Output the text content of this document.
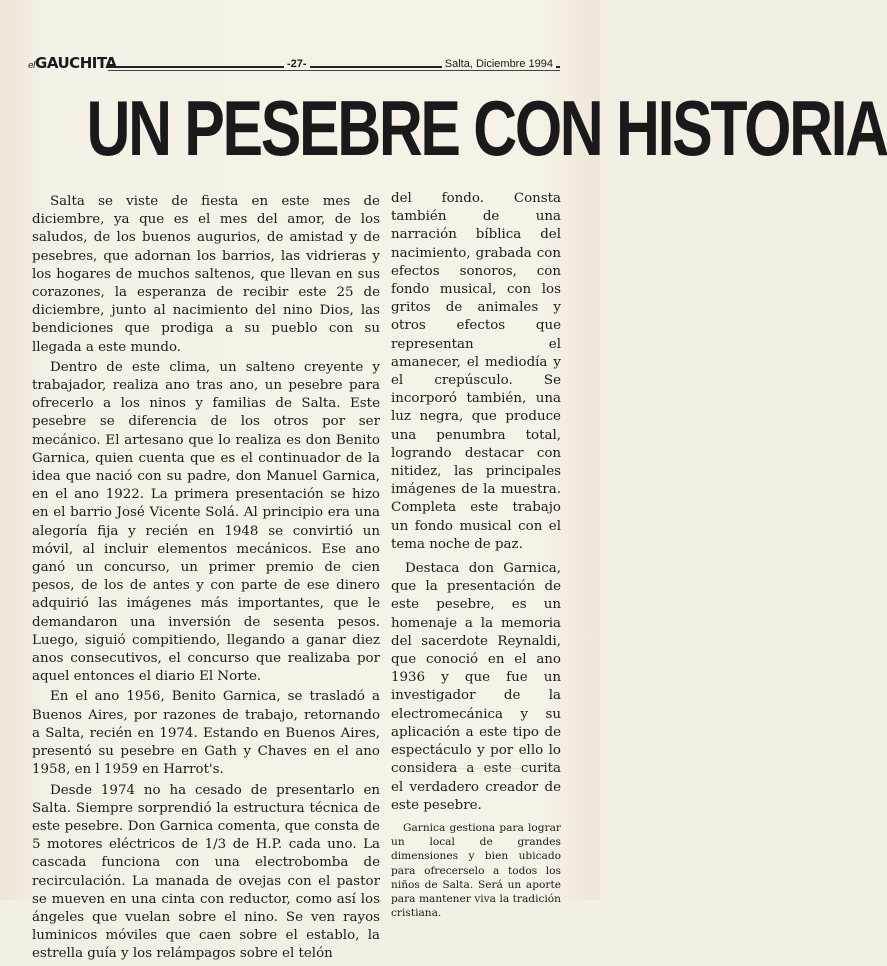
elGAUCHITA	-27-	Salta, Diciembre 1994
UN PESEBRE CON HISTORIA

Salta se viste de fiesta en este mes de diciembre, ya que es el mes del amor, de los saludos, de los buenos augurios, de amistad y de pesebres, que adornan los barrios, las vidrieras y los hogares de muchos saltenos, que llevan en sus corazones, la esperanza de recibir este 25 de diciembre, junto al nacimiento del nino Dios, las bendiciones que prodiga a su pueblo con su llegada a este mundo.

Dentro de este clima, un salteno creyente y trabajador, realiza ano tras ano, un pesebre para ofrecerlo a los ninos y familias de Salta. Este pesebre se diferencia de los otros por ser mecánico. El artesano que lo realiza es don Benito Garnica, quien cuenta que es el continuador de la idea que nació con su padre, don Manuel Garnica, en el ano 1922. La primera presentación se hizo en el barrio José Vicente Solá. Al principio era una alegoría fija y recién en 1948 se convirtió un móvil, al incluir elementos mecánicos. Ese ano ganó un concurso, un primer premio de cien pesos, de los de antes y con parte de ese dinero adquirió las imágenes más importantes, que le demandaron una inversión de sesenta pesos. Luego, siguió compitiendo, llegando a ganar diez anos consecutivos, el concurso que realizaba por aquel entonces el diario El Norte.

En el ano 1956, Benito Garnica, se trasladó a Buenos Aires, por razones de trabajo, retornando a Salta, recién en 1974. Estando en Buenos Aires, presentó su pesebre en Gath y Chaves en el ano 1958, en l 1959 en Harrot's.

Desde 1974 no ha cesado de presentarlo en Salta. Siempre sorprendió la estructura técnica de este pesebre. Don Garnica comenta, que consta de 5 motores eléctricos de 1/3 de H.P. cada uno. La cascada funciona con una electrobomba de recirculación. La manada de ovejas con el pastor se mueven en una cinta con reductor, como así los ángeles que vuelan sobre el nino. Se ven rayos luminicos móviles que caen sobre el establo, la estrella guía y los relámpagos sobre el telón

del fondo. Consta también de una narración bíblica del nacimiento, grabada con efectos sonoros, con fondo musical, con los gritos de animales y otros efectos que representan el amanecer, el mediodía y el crepúsculo. Se incorporó también, una luz negra, que produce una penumbra total, logrando destacar con nitidez, las principales imágenes de la muestra. Completa este trabajo un fondo musical con el tema noche de paz.

Destaca don Garnica, que la presentación de este pesebre, es un homenaje a la memoria del sacerdote Reynaldi, que conoció en el ano 1936 y que fue un investigador de la electromecánica y su aplicación a este tipo de espectáculo y por ello lo considera a este curita el verdadero creador de este pesebre.

Garnica gestiona para lograr un local de grandes dimensiones y bien ubicado para ofrecerselo a todos los niños de Salta. Será un aporte para mantener viva la tradición cristiana.
